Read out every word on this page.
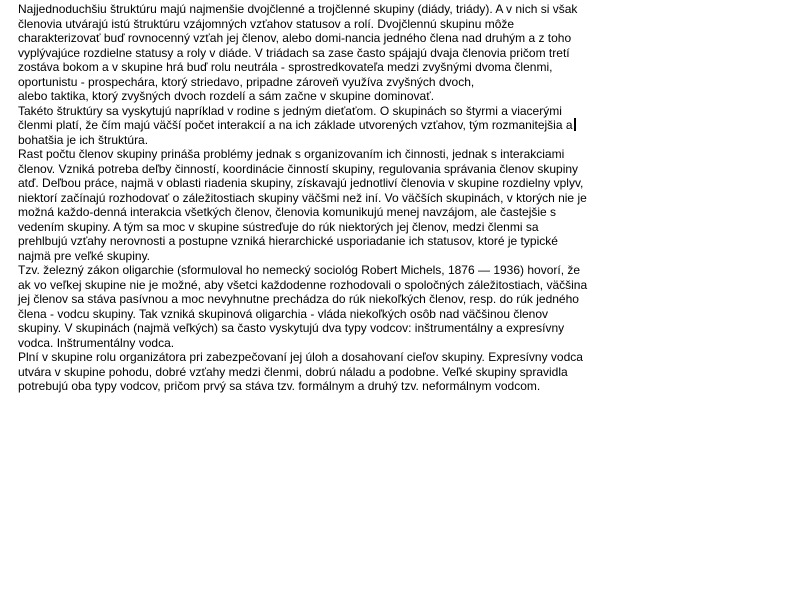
Najjednoduchšiu štruktúru majú najmenšie dvojčlenné a trojčlenné skupiny (diády, triády). A v nich si však
členovia utvárajú istú štruktúru vzájomných vzťahov statusov a rolí. Dvojčlennú skupinu môže
charakterizovať buď rovnocenný vzťah jej členov, alebo domi-nancia jedného člena nad druhým a z toho
vyplývajúce rozdielne statusy a roly v diáde. V triádach sa zase často spájajú dvaja členovia pričom tretí
zostáva bokom a v skupine hrá buď rolu neutrála - sprostredkovateľa medzi zvyšnými dvoma členmi,
oportunistu - prospechára, ktorý striedavo, pripadne zároveň využíva zvyšných dvoch,
alebo taktika, ktorý zvyšných dvoch rozdelí a sám začne v skupine dominovať.
Takéto štruktúry sa vyskytujú napríklad v rodine s jedným dieťaťom. O skupinách so štyrmi a viacerými
členmi platí, že čím majú väčší počet interakcií a na ich základe utvorených vzťahov, tým rozmanitejšia a
bohatšia je ich štruktúra.
Rast počtu členov skupiny prináša problémy jednak s organizovaním ich činnosti, jednak s interakciami
členov. Vzniká potreba deľby činností, koordinácie činností skupiny, regulovania správania členov skupiny
atď. Deľbou práce, najmä v oblasti riadenia skupiny, získavajú jednotliví členovia v skupine rozdielny vplyv,
niektorí začínajú rozhodovať o záležitostiach skupiny väčšmi než iní. Vo väčších skupinách, v ktorých nie je
možná každo-denná interakcia všetkých členov, členovia komunikujú menej navzájom, ale častejšie s
vedením skupiny. A tým sa moc v skupine sústreďuje do rúk niektorých jej členov, medzi členmi sa
prehlbujú vzťahy nerovnosti a postupne vzniká hierarchické usporiadanie ich statusov, ktoré je typické
najmä pre veľké skupiny.
Tzv. železný zákon oligarchie (sformuloval ho nemecký sociológ Robert Michels, 1876 — 1936) hovorí, že
ak vo veľkej skupine nie je možné, aby všetci každodenne rozhodovali o spoločných záležitostiach, väčšina
jej členov sa stáva pasívnou a moc nevyhnutne prechádza do rúk niekoľkých členov, resp. do rúk jedného
člena - vodcu skupiny. Tak vzniká skupinová oligarchia - vláda niekoľkých osôb nad väčšinou členov
skupiny. V skupinách (najmä veľkých) sa často vyskytujú dva typy vodcov: inštrumentálny a expresívny
vodca. Inštrumentálny vodca.
Plní v skupine rolu organizátora pri zabezpečovaní jej úloh a dosahovaní cieľov skupiny. Expresívny vodca
utvára v skupine pohodu, dobré vzťahy medzi členmi, dobrú náladu a podobne. Veľké skupiny spravidla
potrebujú oba typy vodcov, pričom prvý sa stáva tzv. formálnym a druhý tzv. neformálnym vodcom.
